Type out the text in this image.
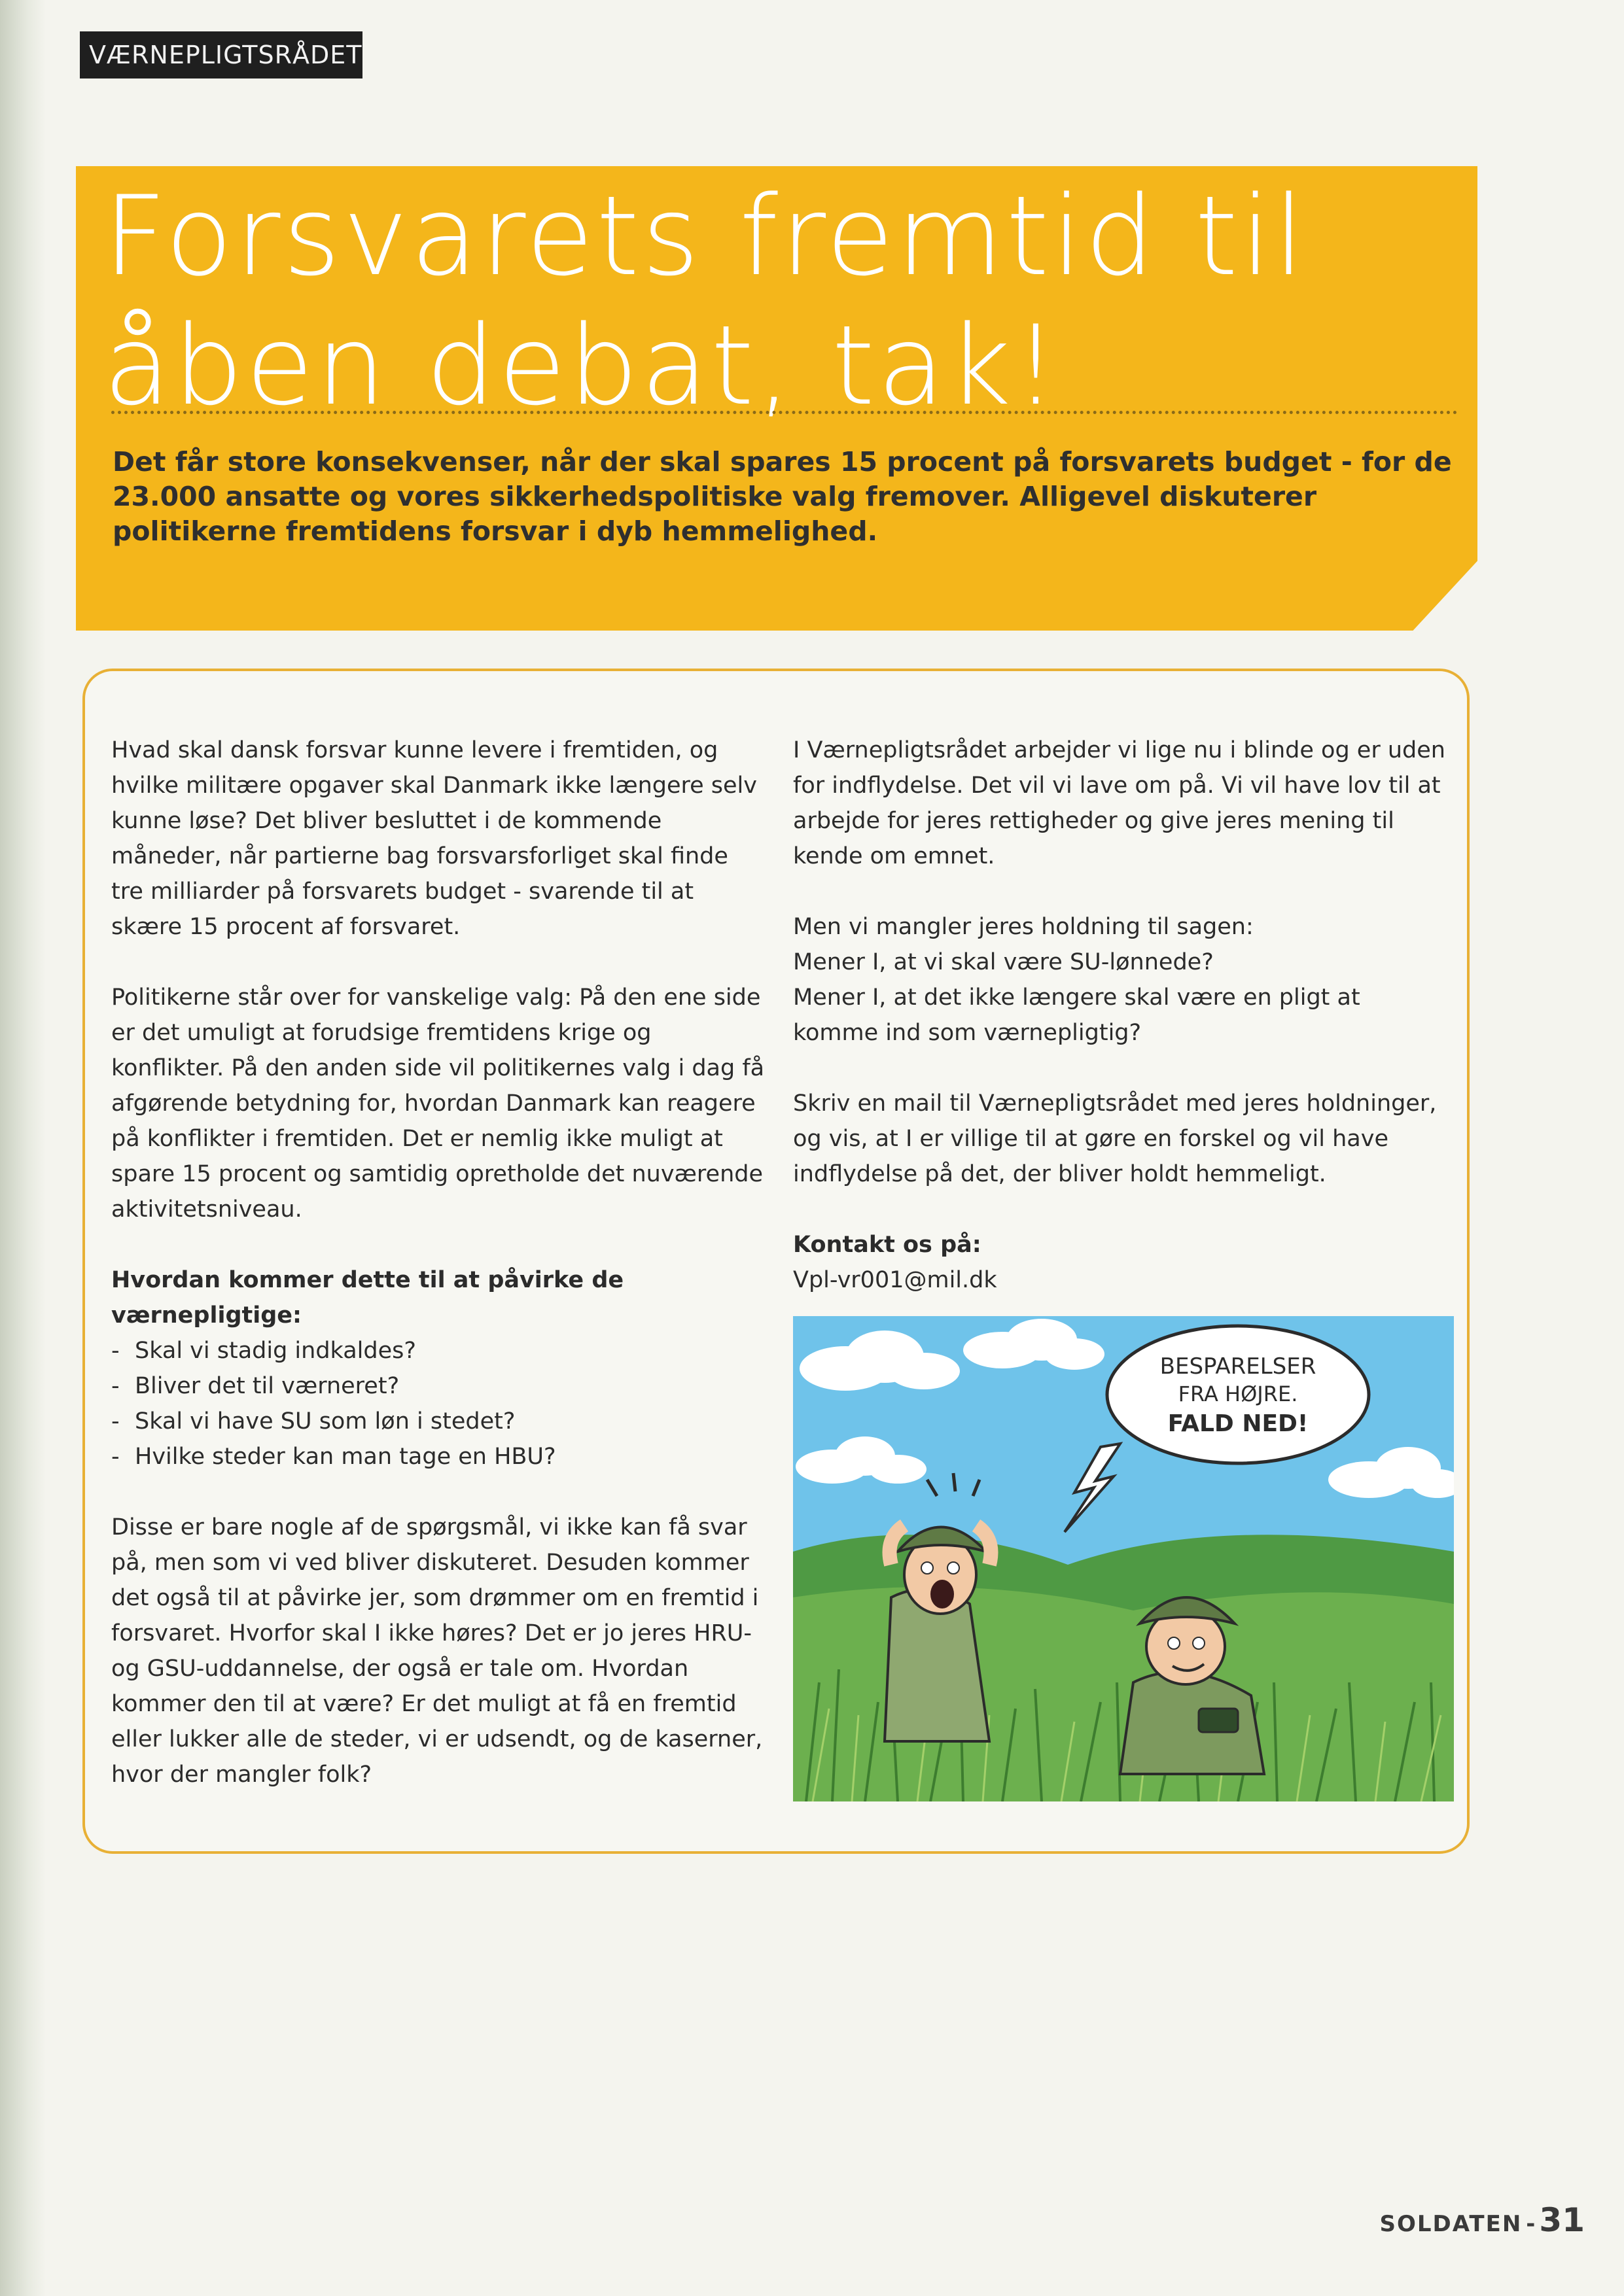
VÆRNEPLIGTSRÅDET
Forsvarets fremtid til
åben debat, tak!
Det får store konsekvenser, når der skal spares 15 procent på forsvarets budget - for de 23.000 ansatte og vores sikkerhedspolitiske valg fremover. Alligevel diskuterer politikerne fremtidens forsvar i dyb hemmelighed.

Hvad skal dansk forsvar kunne levere i fremtiden, og hvilke militære opgaver skal Danmark ikke længere selv kunne løse? Det bliver besluttet i de kommende måneder, når partierne bag forsvarsforliget skal finde tre milliarder på forsvarets budget - svarende til at skære 15 procent af forsvaret.

Politikerne står over for vanskelige valg: På den ene side er det umuligt at forudsige fremtidens krige og konflikter. På den anden side vil politikernes valg i dag få afgørende betydning for, hvordan Danmark kan reagere på konflikter i fremtiden. Det er nemlig ikke muligt at spare 15 procent og samtidig opretholde det nuværende aktivitetsniveau.

Hvordan kommer dette til at påvirke de værnepligtige:

- Skal vi stadig indkaldes?
- Bliver det til værneret?
- Skal vi have SU som løn i stedet?
- Hvilke steder kan man tage en HBU?

Disse er bare nogle af de spørgsmål, vi ikke kan få svar på, men som vi ved bliver diskuteret. Desuden kommer det også til at påvirke jer, som drømmer om en fremtid i forsvaret. Hvorfor skal I ikke høres? Det er jo jeres HRU- og GSU-uddannelse, der også er tale om. Hvordan kommer den til at være? Er det muligt at få en fremtid eller lukker alle de steder, vi er udsendt, og de kaserner, hvor der mangler folk?

I Værnepligtsrådet arbejder vi lige nu i blinde og er uden for indflydelse. Det vil vi lave om på. Vi vil have lov til at arbejde for jeres rettigheder og give jeres mening til kende om emnet.

Men vi mangler jeres holdning til sagen:
Mener I, at vi skal være SU-lønnede?
Mener I, at det ikke længere skal være en pligt at komme ind som værnepligtig?

Skriv en mail til Værnepligtsrådet med jeres holdninger, og vis, at I er villige til at gøre en forskel og vil have indflydelse på det, der bliver holdt hemmeligt.

Kontakt os på:
Vpl-vr001@mil.dk

BESPARELSER
FRA HØJRE.
FALD NED!
SOLDATEN - 31
